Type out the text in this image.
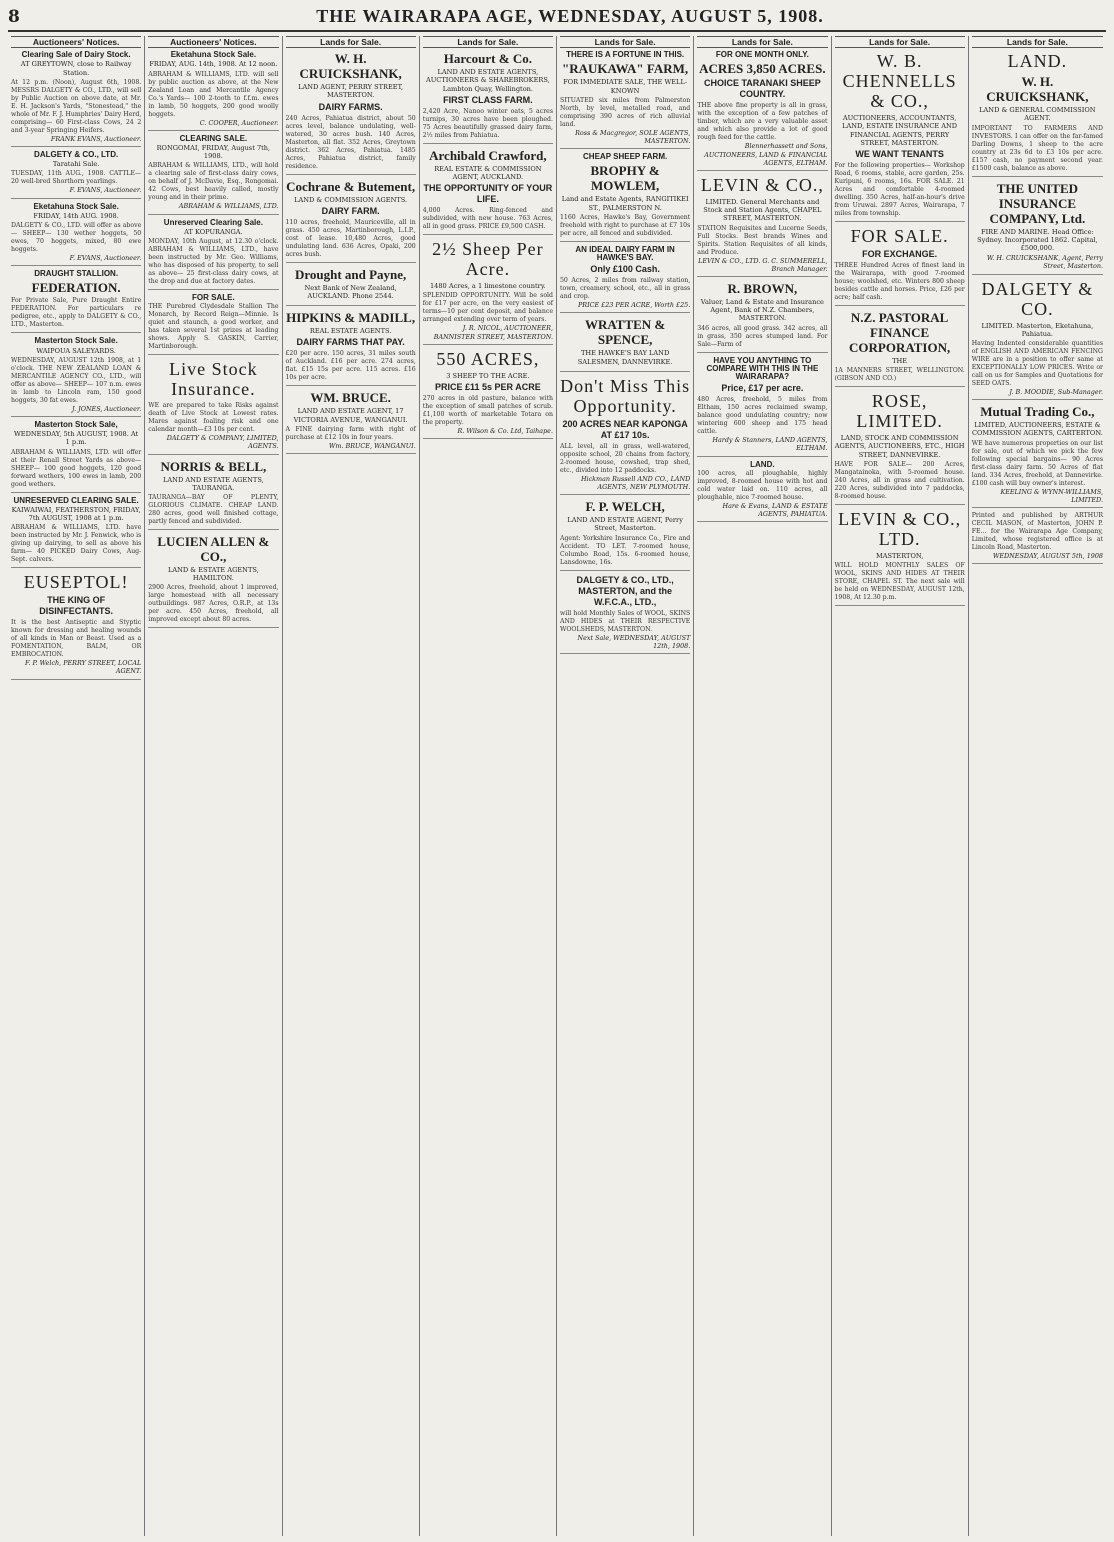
8	THE WAIRARAPA AGE, WEDNESDAY, AUGUST 5, 1908.
Auctioneers' Notices.
Clearing Sale of Dairy Stock.
AT GREYTOWN, close to Railway Station.

At 12 p.m. (Noon), August 6th, 1908. MESSRS DALGETY & CO., LTD., will sell by Public Auction on above date, at Mr. E. H. Jackson's Yards, "Stonestead," the whole of Mr. F. J. Humphries' Dairy Herd, comprising— 60 First-class Cows, 24 2 and 3-year Springing Heifers.

FRANK EVANS, Auctioneer.
DALGETY & CO., LTD.
Taratahi Sale.

TUESDAY, 11th AUG., 1908. CATTLE— 20 well-bred Shorthorn yearlings.

F. EVANS, Auctioneer.
Eketahuna Stock Sale.
FRIDAY, 14th AUG. 1908.

DALGETY & CO., LTD. will offer as above— SHEEP— 130 wether hoggets, 50 ewes, 70 hoggets, mixed, 80 ewe hoggets.

F. EVANS, Auctioneer.
DRAUGHT STALLION.
FEDERATION.

For Private Sale, Pure Draught Entire FEDERATION. For particulars re pedigree, etc., apply to DALGETY & CO., LTD., Masterton.

Masterton Stock Sale.
WAIPOUA SALEYARDS.

WEDNESDAY, AUGUST 12th 1908, at 1 o'clock. THE NEW ZEALAND LOAN & MERCANTILE AGENCY CO., LTD., will offer as above— SHEEP— 107 n.m. ewes in lamb to Lincoln ram, 150 good hoggets, 30 fat ewes.

J. JONES, Auctioneer.
Masterton Stock Sale,
WEDNESDAY, 5th AUGUST, 1908. At 1 p.m.

ABRAHAM & WILLIAMS, LTD. will offer at their Renall Street Yards as above— SHEEP— 100 good hoggets, 120 good forward wethers, 100 ewes in lamb, 200 good wethers.

UNRESERVED CLEARING SALE.
KAIWAIWAI, FEATHERSTON, FRIDAY, 7th AUGUST, 1908 at 1 p.m.

ABRAHAM & WILLIAMS, LTD. have been instructed by Mr. J. Fenwick, who is giving up dairying, to sell as above his farm— 40 PICKED Dairy Cows, Aug-Sept. calvers.

EUSEPTOL!
THE KING OF DISINFECTANTS.

It is the best Antiseptic and Styptic known for dressing and healing wounds of all kinds in Man or Beast. Used as a FOMENTATION, BALM, OR EMBROCATION.

F. P. Welch, PERRY STREET, LOCAL AGENT.
Auctioneers' Notices.
Eketahuna Stock Sale.
FRIDAY, AUG. 14th, 1908. At 12 noon.

ABRAHAM & WILLIAMS, LTD. will sell by public auction as above, at the New Zealand Loan and Mercantile Agency Co.'s Yards— 100 2-tooth to f.f.m. ewes in lamb, 50 hoggets, 200 good woolly hoggets.

C. COOPER, Auctioneer.
CLEARING SALE.
RONGOMAI, FRIDAY, August 7th, 1908.

ABRAHAM & WILLIAMS, LTD., will hold a clearing sale of first-class dairy cows, on behalf of J. McDavie, Esq., Rongomai. 42 Cows, best heavily called, mostly young and in their prime.

ABRAHAM & WILLIAMS, LTD.
Unreserved Clearing Sale.
AT KOPURANGA.

MONDAY, 10th August, at 12.30 o'clock. ABRAHAM & WILLIAMS, LTD., have been instructed by Mr. Geo. Williams, who has disposed of his property, to sell as above— 25 first-class dairy cows, at the drop and due at factory dates.

FOR SALE.

THE Purebred Clydesdale Stallion The Monarch, by Record Reign—Minnie. Is quiet and staunch, a good worker, and has taken several 1st prizes at leading shows. Apply S. GASKIN, Carrier, Martinborough.

Live Stock Insurance.

WE are prepared to take Risks against death of Live Stock at Lowest rates. Mares against foaling risk and one calendar month—£3 10s per cent.

DALGETY & COMPANY, LIMITED, AGENTS.
NORRIS & BELL,
LAND AND ESTATE AGENTS, TAURANGA.

TAURANGA—BAY OF PLENTY, GLORIOUS CLIMATE. CHEAP LAND. 280 acres, good well finished cottage, partly fenced and subdivided.

LUCIEN ALLEN & CO.,
LAND & ESTATE AGENTS, HAMILTON.

2900 Acres, freehold, about 1 improved, large homestead with all necessary outbuildings. 987 Acres, O.R.P., at 13s per acre. 450 Acres, freehold, all improved except about 80 acres.

Lands for Sale.
W. H. CRUICKSHANK,
LAND AGENT, PERRY STREET, MASTERTON.
DAIRY FARMS.

240 Acres, Pahiatua district, about 50 acres level, balance undulating, well-watered, 30 acres bush. 140 Acres, Masterton, all flat. 352 Acres, Greytown district. 362 Acres, Pahiatua. 1485 Acres, Pahiatua district, family residence.

Cochrane & Butement,
LAND & COMMISSION AGENTS.
DAIRY FARM.

110 acres, freehold, Mauriceville, all in grass. 450 acres, Martinborough, L.I.P., cost of lease. 10,480 Acres, good undulating land. 636 Acres, Opaki, 200 acres bush.

Drought and Payne,
Next Bank of New Zealand, AUCKLAND. Phone 2544.
HIPKINS & MADILL,
REAL ESTATE AGENTS.
DAIRY FARMS THAT PAY.

£20 per acre. 150 acres, 31 miles south of Auckland. £16 per acre. 274 acres, flat. £15 15s per acre. 115 acres. £16 10s per acre.

WM. BRUCE.
LAND AND ESTATE AGENT, 17 VICTORIA AVENUE, WANGANUI.

A FINE dairying farm with right of purchase at £12 10s in four years.

Wm. BRUCE, WANGANUI.
Lands for Sale.
Harcourt & Co.
LAND AND ESTATE AGENTS, AUCTIONEERS & SHAREBROKERS, Lambton Quay, Wellington.
FIRST CLASS FARM.

2,420 Acre, Nanoo winter oats, 5 acres turnips, 30 acres have been ploughed. 75 Acres beautifully grassed dairy farm, 2½ miles from Pahiatua.

Archibald Crawford,
REAL ESTATE & COMMISSION AGENT, AUCKLAND.
THE OPPORTUNITY OF YOUR LIFE.

4,000 Acres. Ring-fenced and subdivided, with new house. 763 Acres, all in good grass. PRICE £9,500 CASH.

2½ Sheep Per Acre.
1480 Acres, a 1 limestone country.

SPLENDID OPPORTUNITY. Will be sold for £17 per acre, on the very easiest of terms—10 per cent deposit, and balance arranged extending over term of years.

J. R. NICOL, AUCTIONEER, BANNISTER STREET, MASTERTON.
550 ACRES,
3 SHEEP TO THE ACRE.
PRICE £11 5s PER ACRE

270 acres in old pasture, balance with the exception of small patches of scrub. £1,100 worth of marketable Totara on the property.

R. Wilson & Co. Ltd, Taihape.
Lands for Sale.
THERE IS A FORTUNE IN THIS.
"RAUKAWA" FARM,
FOR IMMEDIATE SALE, THE WELL-KNOWN

SITUATED six miles from Palmerston North, by level, metalled road, and comprising 390 acres of rich alluvial land.

Ross & Macgregor, SOLE AGENTS, MASTERTON.
CHEAP SHEEP FARM.
BROPHY & MOWLEM,
Land and Estate Agents, RANGITIKEI ST., PALMERSTON N.

1160 Acres, Hawke's Bay, Government freehold with right to purchase at £7 10s per acre, all fenced and subdivided.

AN IDEAL DAIRY FARM IN HAWKE'S BAY.
Only £100 Cash.

50 Acres, 2 miles from railway station, town, creamery, school, etc., all in grass and crop.

PRICE £23 PER ACRE, Worth £25.
WRATTEN & SPENCE,
THE HAWKE'S BAY LAND SALESMEN, DANNEVIRKE.
Don't Miss This Opportunity.
200 ACRES NEAR KAPONGA AT £17 10s.

ALL level, all in grass, well-watered, opposite school, 20 chains from factory, 2-roomed house, cowshed, trap shed, etc., divided into 12 paddocks.

Hickman Russell AND CO., LAND AGENTS, NEW PLYMOUTH.
F. P. WELCH,
LAND AND ESTATE AGENT, Perry Street, Masterton.

Agent: Yorkshire Insurance Co., Fire and Accident. TO LET. 7-roomed house, Columbo Road, 15s. 6-roomed house, Lansdowne, 16s.

DALGETY & CO., LTD., MASTERTON, and the W.F.C.A., LTD.,

will hold Monthly Sales of WOOL, SKINS AND HIDES at THEIR RESPECTIVE WOOLSHEDS, MASTERTON.

Next Sale, WEDNESDAY, AUGUST 12th, 1908.
Lands for Sale.
FOR ONE MONTH ONLY.
ACRES 3,850 ACRES.
CHOICE TARANAKI SHEEP COUNTRY.

THE above fine property is all in grass, with the exception of a few patches of timber, which are a very valuable asset and which also provide a lot of good rough feed for the cattle.

Blennerhassett and Sons, AUCTIONEERS, LAND & FINANCIAL AGENTS, ELTHAM.
LEVIN & CO.,
LIMITED. General Merchants and Stock and Station Agents, CHAPEL STREET, MASTERTON.

STATION Requisites and Lucerne Seeds, Full Stocks. Best brands Wines and Spirits. Station Requisites of all kinds, and Produce.

LEVIN & CO., LTD. G. C. SUMMERELL, Branch Manager.
R. BROWN,
Valuer, Land & Estate and Insurance Agent, Bank of N.Z. Chambers, MASTERTON.

346 acres, all good grass. 342 acres, all in grass, 350 acres stumped land. For Sale—Farm of

HAVE YOU ANYTHING TO COMPARE WITH THIS IN THE WAIRARAPA?
Price, £17 per acre.

480 Acres, freehold, 5 miles from Eltham, 150 acres reclaimed swamp, balance good undulating country; now wintering 600 sheep and 175 head cattle.

Hardy & Stanners, LAND AGENTS, ELTHAM.
LAND.

100 acres, all ploughable, highly improved, 8-roomed house with hot and cold water laid on. 110 acres, all ploughable, nice 7-roomed house.

Hare & Evans, LAND & ESTATE AGENTS, PAHIATUA.
Lands for Sale.
W. B. CHENNELLS & CO.,
AUCTIONEERS, ACCOUNTANTS, LAND, ESTATE INSURANCE AND FINANCIAL AGENTS, PERRY STREET, MASTERTON.
WE WANT TENANTS

For the following properties— Workshop Road, 6 rooms, stable, acre garden, 25s. Kuripuni, 6 rooms, 16s. FOR SALE. 21 Acres and comfortable 4-roomed dwelling. 350 Acres, half-an-hour's drive from Uruwai. 2897 Acres, Wairarapa, 7 miles from township.

FOR SALE.
FOR EXCHANGE.

THREE Hundred Acres of finest land in the Wairarapa, with good 7-roomed house; woolshed, etc. Winters 800 sheep besides cattle and horses. Price, £26 per acre; half cash.

N.Z. PASTORAL FINANCE CORPORATION,
THE

1A MANNERS STREET, WELLINGTON. (GIBSON AND CO.)

ROSE, LIMITED.
LAND, STOCK AND COMMISSION AGENTS, AUCTIONEERS, ETC., HIGH STREET, DANNEVIRKE.

HAVE FOR SALE— 200 Acres, Mangatainoka, with 5-roomed house. 240 Acres, all in grass and cultivation. 220 Acres, subdivided into 7 paddocks, 8-roomed house.

LEVIN & CO., LTD.
MASTERTON,

WILL HOLD MONTHLY SALES OF WOOL, SKINS AND HIDES AT THEIR STORE, CHAPEL ST. The next sale will be held on WEDNESDAY, AUGUST 12th, 1908, At 12.30 p.m.

Lands for Sale.
LAND.
W. H. CRUICKSHANK,
LAND & GENERAL COMMISSION AGENT.

IMPORTANT TO FARMERS AND INVESTORS. I can offer on the far-famed Darling Downs, 1 sheep to the acre country at 23s 6d to £3 10s per acre. £157 cash, no payment second year. £1500 cash, balance as above.

THE UNITED INSURANCE COMPANY, Ltd.
FIRE AND MARINE. Head Office: Sydney. Incorporated 1862. Capital, £500,000.
W. H. CRUICKSHANK, Agent, Perry Street, Masterton.
DALGETY & CO.
LIMITED. Masterton, Eketahuna, Pahiatua.

Having Indented considerable quantities of ENGLISH AND AMERICAN FENCING WIRE are in a position to offer same at EXCEPTIONALLY LOW PRICES. Write or call on us for Samples and Quotations for SEED OATS.

J. B. MOODIE, Sub-Manager.
Mutual Trading Co.,
LIMITED, AUCTIONEERS, ESTATE & COMMISSION AGENTS, CARTERTON.

WE have numerous properties on our list for sale, out of which we pick the few following special bargains— 90 Acres first-class dairy farm. 50 Acres of flat land. 334 Acres, freehold, at Dannevirke. £100 cash will buy owner's interest.

KEELING & WYNN-WILLIAMS, LIMITED.

Printed and published by ARTHUR CECIL MASON, of Masterton, JOHN P. FE... for the Wairarapa Age Company, Limited, whose registered office is at Lincoln Road, Masterton.

WEDNESDAY, AUGUST 5th, 1908
